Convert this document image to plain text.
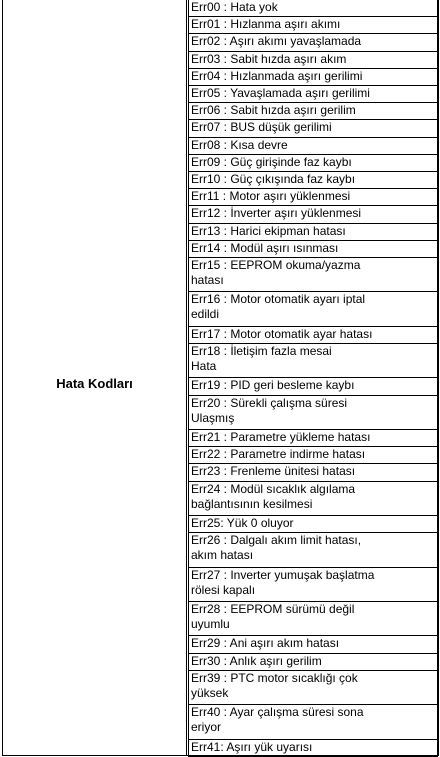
Hata Kodları
Err00 : Hata yok
Err01 : Hızlanma aşırı akımı
Err02 : Aşırı akımı yavaşlamada
Err03 : Sabit hızda aşırı akım
Err04 : Hızlanmada aşırı gerilimi
Err05 : Yavaşlamada aşırı gerilimi
Err06 : Sabit hızda aşırı gerilim
Err07 : BUS düşük gerilimi
Err08 : Kısa devre
Err09 : Güç girişinde faz kaybı
Err10 : Güç çıkışında faz kaybı
Err11 : Motor aşırı yüklenmesi
Err12 : İnverter aşırı yüklenmesi
Err13 : Harici ekipman hatası
Err14 : Modül aşırı ısınması
Err15 : EEPROM okuma/yazma
hatası
Err16 : Motor otomatik ayarı iptal
edildi
Err17 : Motor otomatik ayar hatası
Err18 : İletişim fazla mesai
Hata
Err19 : PID geri besleme kaybı
Err20 : Sürekli çalışma süresi
Ulaşmış
Err21 : Parametre yükleme hatası
Err22 : Parametre indirme hatası
Err23 : Frenleme ünitesi hatası
Err24 : Modül sıcaklık algılama
bağlantısının kesilmesi
Err25: Yük 0 oluyor
Err26 : Dalgalı akım limit hatası,
akım hatası
Err27 : Inverter yumuşak başlatma
rölesi kapalı
Err28 : EEPROM sürümü değil
uyumlu
Err29 : Ani aşırı akım hatası
Err30 : Anlık aşırı gerilim
Err39 : PTC motor sıcaklığı çok
yüksek
Err40 : Ayar çalışma süresi sona
eriyor
Err41: Aşırı yük uyarısı
